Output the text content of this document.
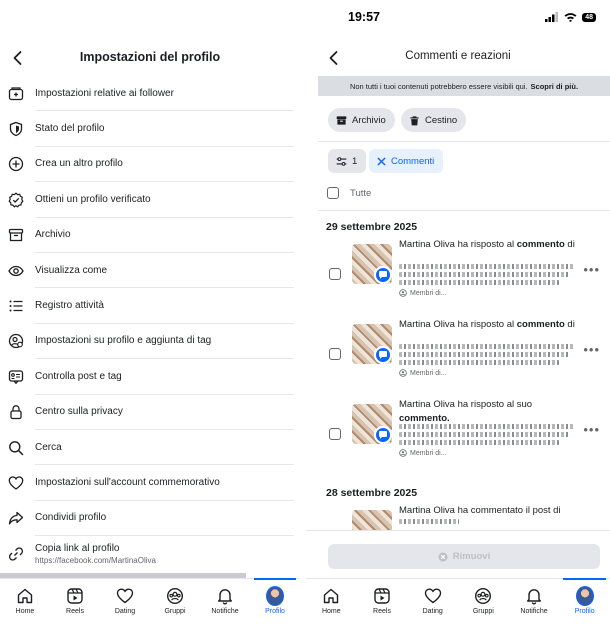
Impostazioni del profilo
Impostazioni relative ai follower
Stato del profilo
Crea un altro profilo
Ottieni un profilo verificato
Archivio
Visualizza come
Registro attività
Impostazioni su profilo e aggiunta di tag
Controlla post e tag
Centro sulla privacy
Cerca
Impostazioni sull'account commemorativo
Condividi profilo
Copia link al profilo
https://facebook.com/MartinaOliva
Home	Reels	Dating	Gruppi	Notifiche	Profilo
19:57	48
Commenti e reazioni
Non tutti i tuoi contenuti potrebbero essere visibili qui. Scopri di più.
Archivio	Cestino
1	Commenti
Tutte
29 settembre 2025
Martina Oliva ha risposto al commento di
Membri di...
•••
Martina Oliva ha risposto al commento di
Membri di...
•••
Martina Oliva ha risposto al suo commento.
Membri di...
•••
28 settembre 2025
Martina Oliva ha commentato il post di
Rimuovi
Home	Reels	Dating	Gruppi	Notifiche	Profilo
